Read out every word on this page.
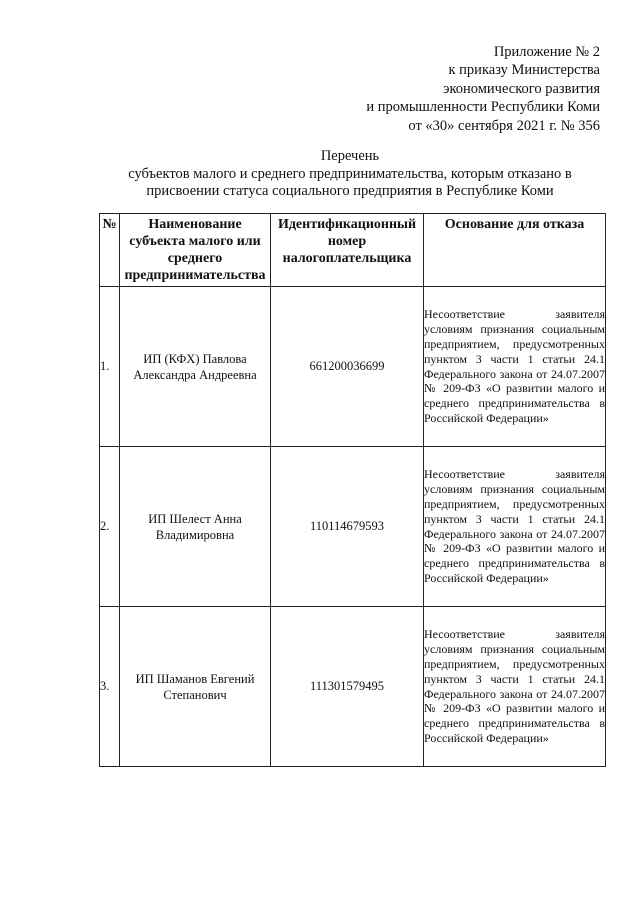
Приложение № 2
к приказу Министерства
экономического развития
и промышленности Республики Коми
от «30» сентября 2021 г. № 356
Перечень
субъектов малого и среднего предпринимательства, которым отказано в
присвоении статуса социального предприятия в Республике Коми
№	Наименование субъекта малого или среднего предпринимательства	Идентификационный номер налогоплательщика	Основание для отказа
1.	ИП (КФХ) Павлова Александра Андреевна	661200036699	Несоответствие заявителя условиям признания социальным предприятием, предусмотренных пунктом 3 части 1 статьи 24.1 Федерального закона от 24.07.2007 № 209-ФЗ «О развитии малого и среднего предпринимательства в Российской Федерации»
2.	ИП Шелест Анна Владимировна	110114679593	Несоответствие заявителя условиям признания социальным предприятием, предусмотренных пунктом 3 части 1 статьи 24.1 Федерального закона от 24.07.2007 № 209-ФЗ «О развитии малого и среднего предпринимательства в Российской Федерации»
3.	ИП Шаманов Евгений Степанович	111301579495	Несоответствие заявителя условиям признания социальным предприятием, предусмотренных пунктом 3 части 1 статьи 24.1 Федерального закона от 24.07.2007 № 209-ФЗ «О развитии малого и среднего предпринимательства в Российской Федерации»
